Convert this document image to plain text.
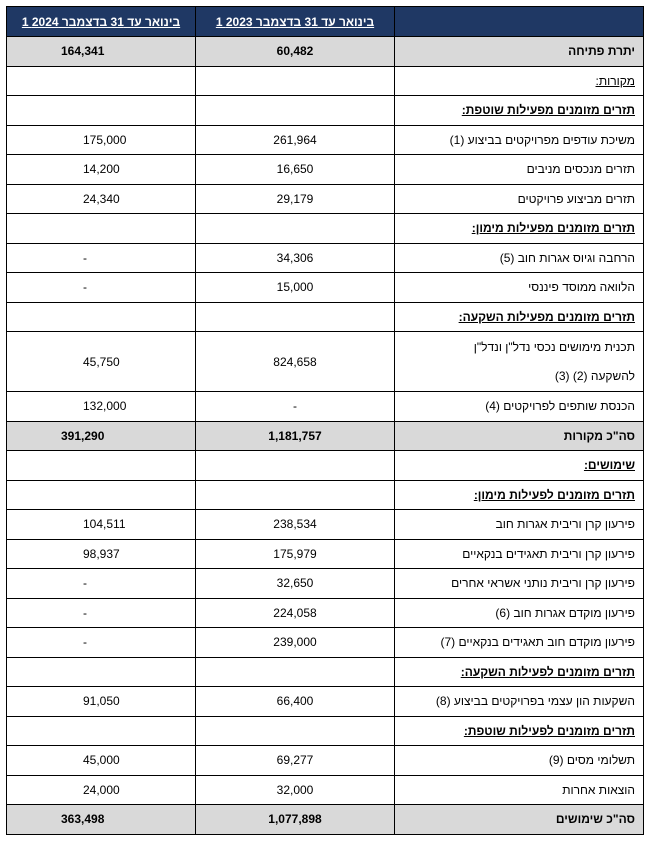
1 בינואר עד 31 בדצמבר 2024	1 בינואר עד 31 בדצמבר 2023	
164,341	60,482	יתרת פתיחה
		מקורות:
		תזרים מזומנים מפעילות שוטפת:
175,000	261,964	משיכת עודפים מפרויקטים בביצוע (1)
14,200	16,650	תזרים מנכסים מניבים
24,340	29,179	תזרים מביצוע פרויקטים
		תזרים מזומנים מפעילות מימון:
-	34,306	הרחבה וגיוס אגרות חוב (5)
-	15,000	הלוואה ממוסד פיננסי
		תזרים מזומנים מפעילות השקעה:
45,750	824,658	תכנית מימושים נכסי נדל"ן ונדל"ן
להשקעה (2) (3)

132,000	-	הכנסת שותפים לפרויקטים (4)
391,290	1,181,757	סה"כ מקורות
		שימושים:
		תזרים מזומנים לפעילות מימון:
104,511	238,534	פירעון קרן וריבית אגרות חוב
98,937	175,979	פירעון קרן וריבית תאגידים בנקאיים
-	32,650	פירעון קרן וריבית נותני אשראי אחרים
-	224,058	פירעון מוקדם אגרות חוב (6)
-	239,000	פירעון מוקדם חוב תאגידים בנקאיים (7)
		תזרים מזומנים לפעילות השקעה:
91,050	66,400	השקעות הון עצמי בפרויקטים בביצוע (8)
		תזרים מזומנים לפעילות שוטפת:
45,000	69,277	תשלומי מסים (9)
24,000	32,000	הוצאות אחרות
363,498	1,077,898	סה"כ שימושים
